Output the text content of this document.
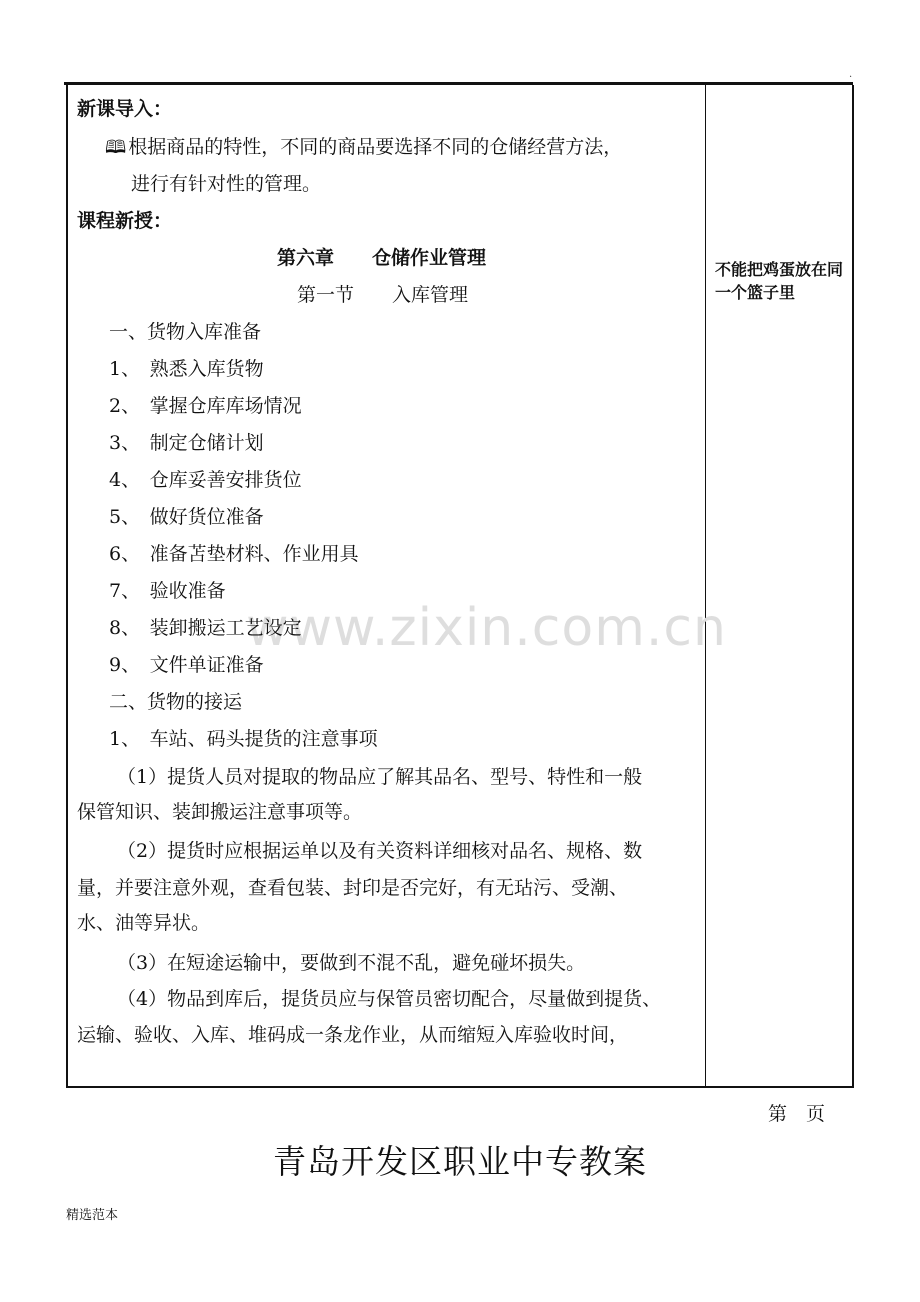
.
www.zixin.com.cn
新课导入：
🕮 根据商品的特性，不同的商品要选择不同的仓储经营方法，
进行有针对性的管理。
课程新授：
第六章　　仓储作业管理
第一节　　入库管理
一、货物入库准备
1、　熟悉入库货物
2、　掌握仓库库场情况
3、　制定仓储计划
4、　仓库妥善安排货位
5、　做好货位准备
6、　准备苫垫材料、作业用具
7、　验收准备
8、　装卸搬运工艺设定
9、　文件单证准备
二、货物的接运
1、　车站、码头提货的注意事项
（1）提货人员对提取的物品应了解其品名、型号、特性和一般
保管知识、装卸搬运注意事项等。
（2）提货时应根据运单以及有关资料详细核对品名、规格、数
量，并要注意外观，查看包装、封印是否完好，有无玷污、受潮、
水、油等异状。
（3）在短途运输中，要做到不混不乱，避免碰坏损失。
（4）物品到库后，提货员应与保管员密切配合，尽量做到提货、
运输、验收、入库、堆码成一条龙作业，从而缩短入库验收时间，
不能把鸡蛋放在同一个篮子里
第　页
青岛开发区职业中专教案
精选范本
